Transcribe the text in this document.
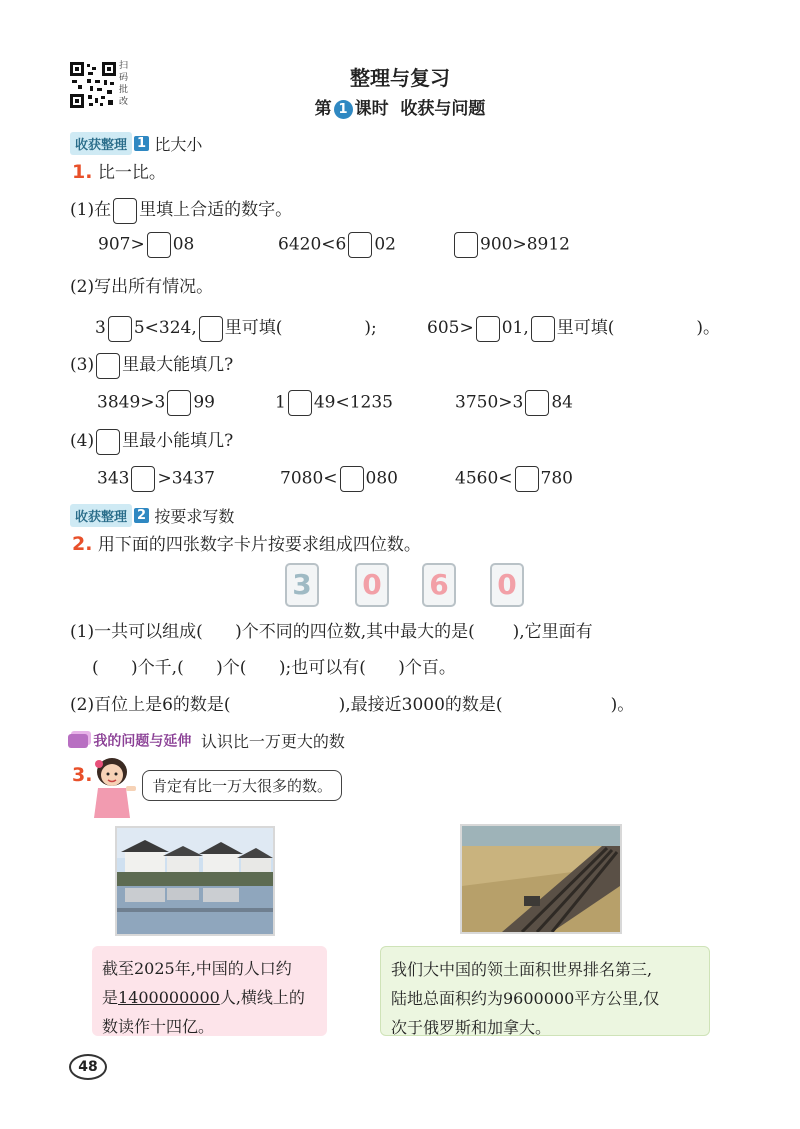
扫码批改
整理与复习
第 1 课时  收获与问题
收获整理 1 比大小
1. 比一比。
(1)在 里填上合适的数字。
907> 08	6420<6 02	900>8912
(2)写出所有情况。
3 5<324, 里可填(	);	605> 01, 里可填(	)。
(3) 里最大能填几?
3849>3 99	1 49<1235	3750>3 84
(4) 里最小能填几?
343 >3437	7080< 080	4560< 780
收获整理 2 按要求写数
2. 用下面的四张数字卡片按要求组成四位数。
3 0 6 0
(1)一共可以组成(      )个不同的四位数,其中最大的是(       ),它里面有
(      )个千,(      )个(      );也可以有(      )个百。
(2)百位上是6的数是(                    ),最接近3000的数是(                    )。
我的问题与延伸 认识比一万更大的数
3.	肯定有比一万大很多的数。
截至2025年,中国的人口约
是1400000000人,横线上的
数读作十四亿。
我们大中国的领土面积世界排名第三,
陆地总面积约为9600000平方公里,仅
次于俄罗斯和加拿大。
48
